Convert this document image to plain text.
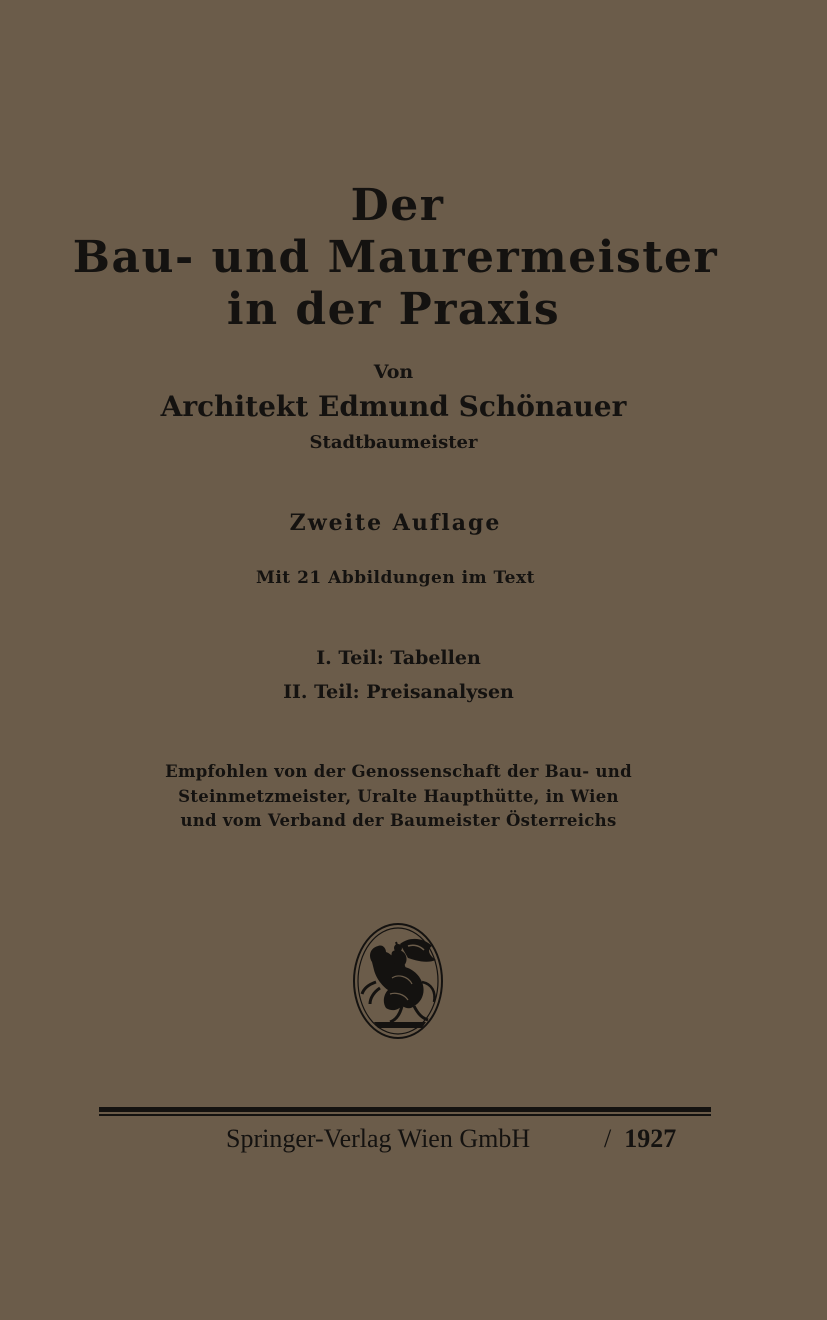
Der
Bau- und Maurermeister
in der Praxis
Von
Architekt Edmund Schönauer
Stadtbaumeister
Zweite Auflage
Mit 21 Abbildungen im Text
I. Teil: Tabellen
II. Teil: Preisanalysen
Empfohlen von der Genossenschaft der Bau- und
Steinmetzmeister, Uralte Haupthütte, in Wien
und vom Verband der Baumeister Österreichs
Springer-Verlag Wien GmbH	/ 1927
